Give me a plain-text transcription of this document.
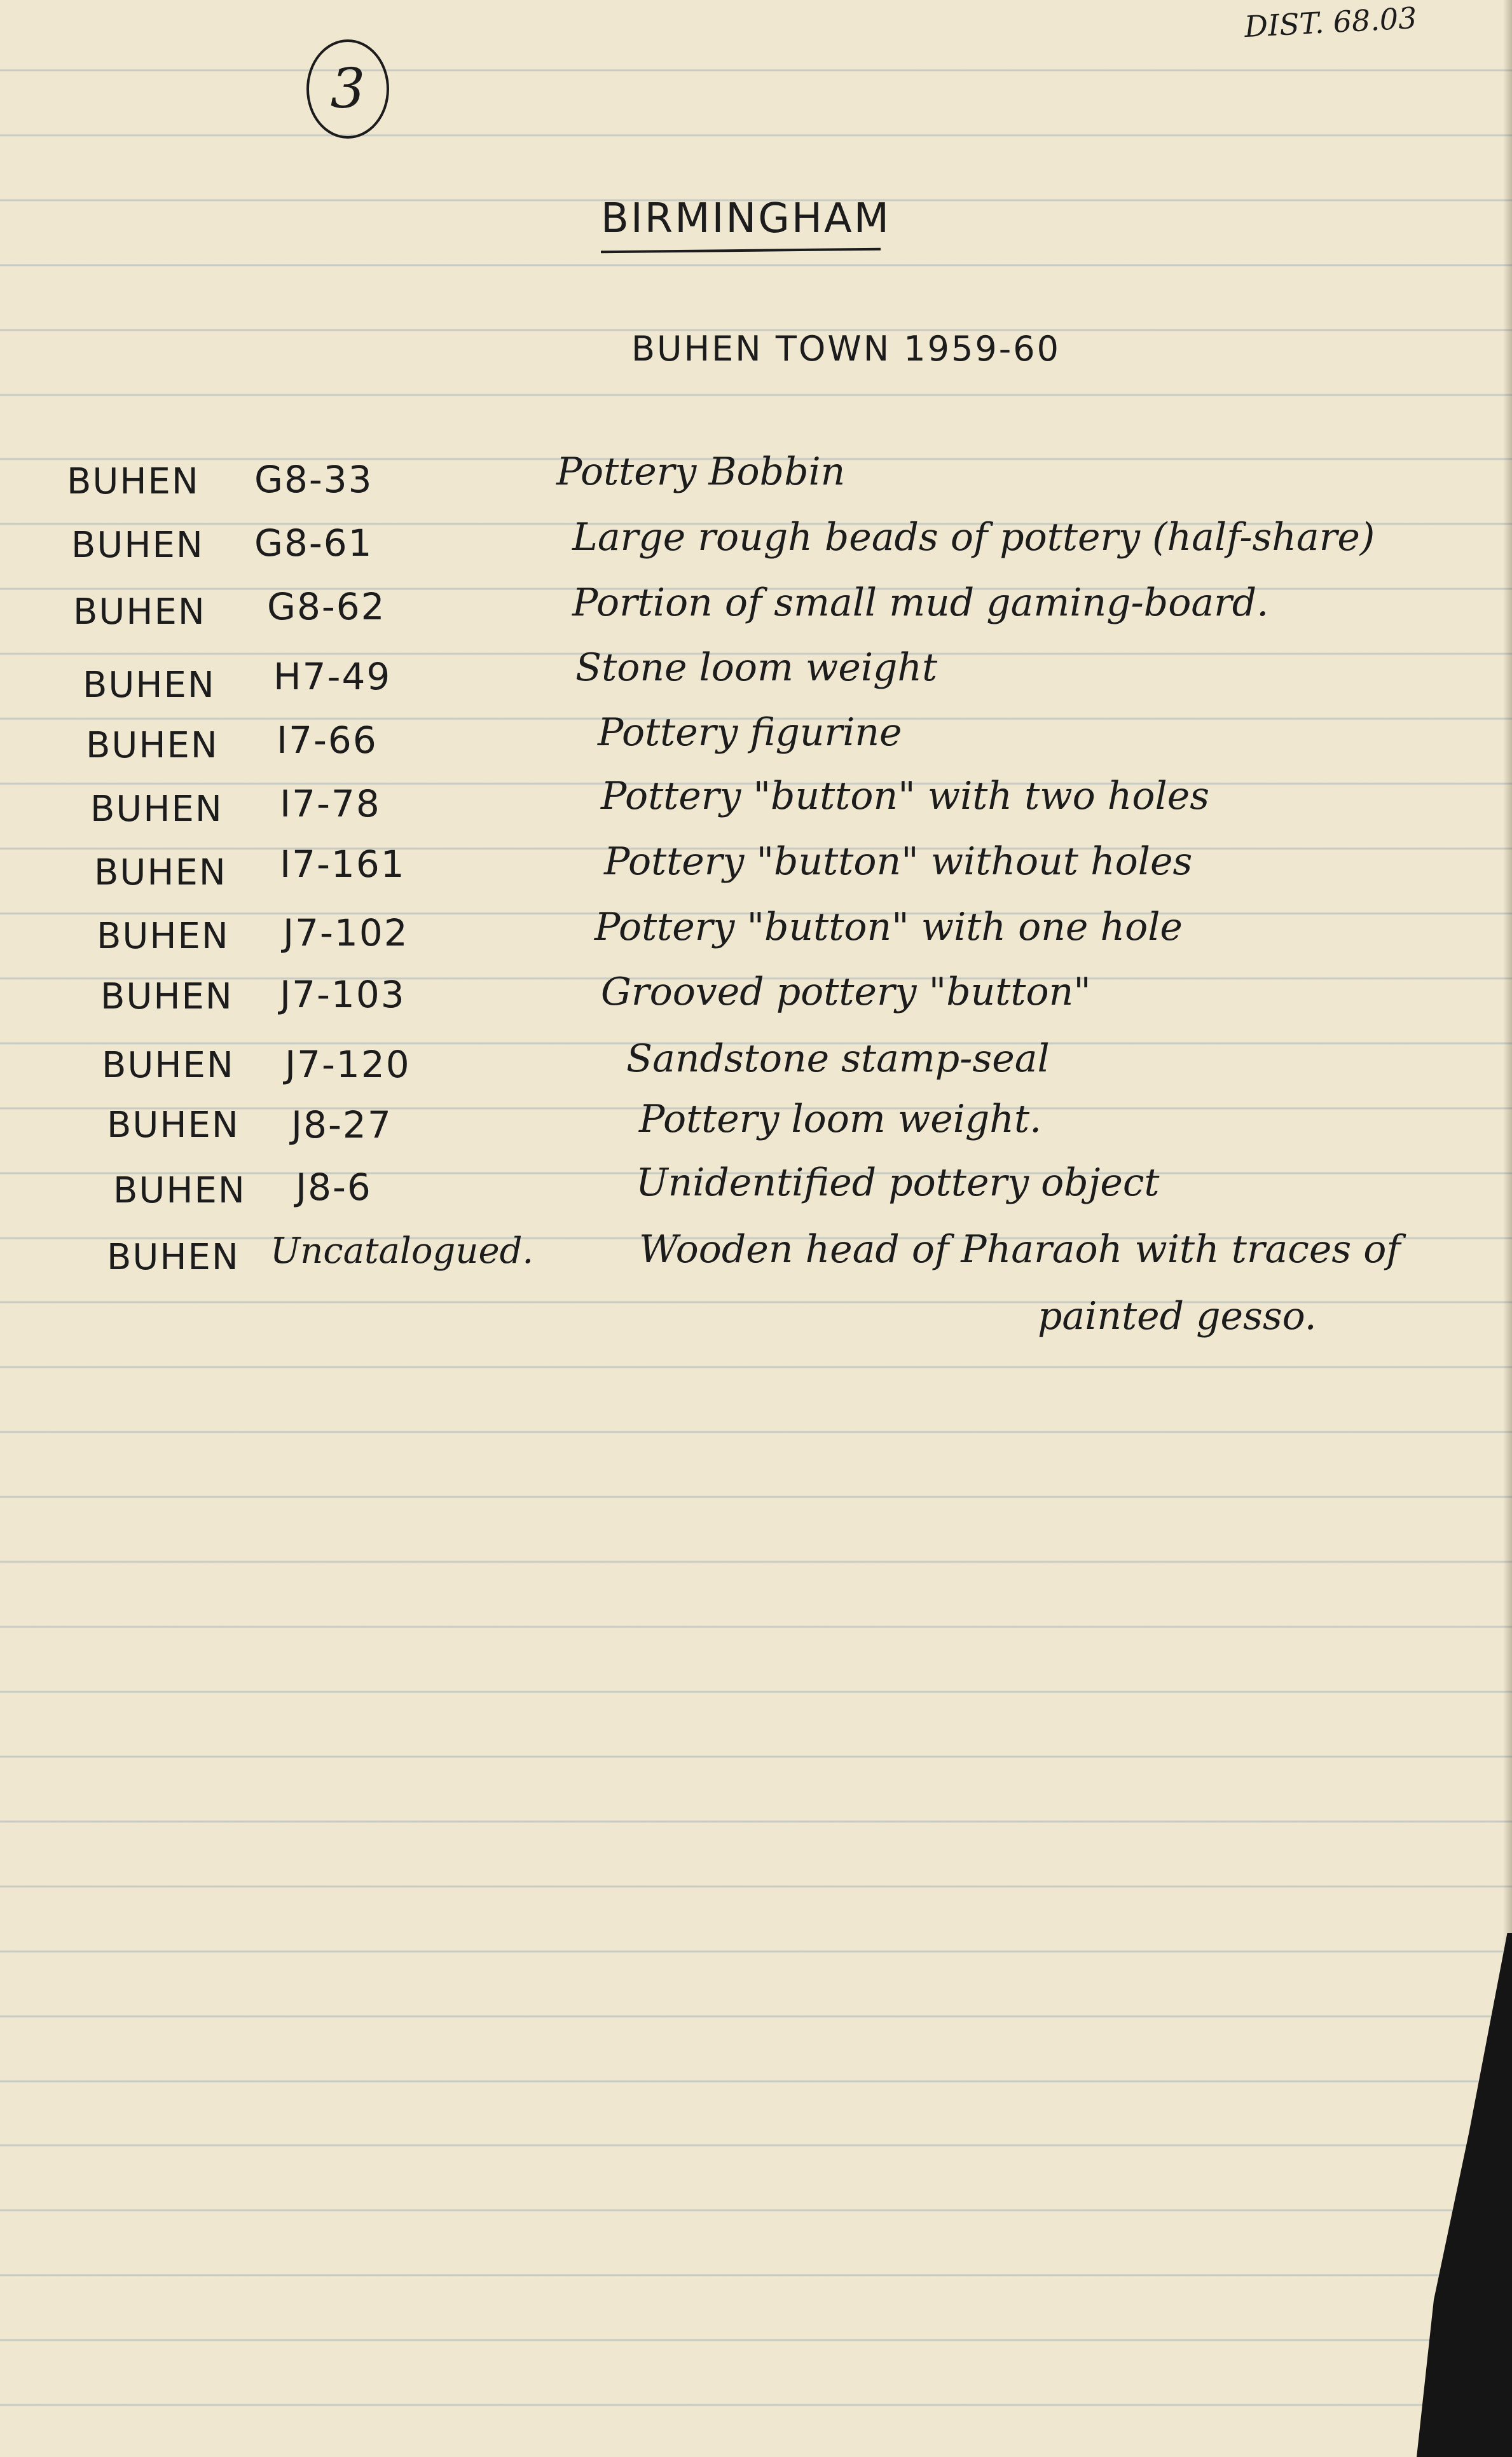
DIST. 68.03
3
BIRMINGHAM
BUHEN TOWN 1959-60
BUHEN G8-33	Pottery Bobbin
BUHEN G8-61	Large rough beads of pottery (half-share)
BUHEN G8-62	Portion of small mud gaming-board.
BUHEN H7-49	Stone loom weight
BUHEN I7-66	Pottery figurine
BUHEN I7-78	Pottery "button" with two holes
BUHEN I7-161	Pottery "button" without holes
BUHEN J7-102	Pottery "button" with one hole
BUHEN J7-103	Grooved pottery "button"
BUHEN J7-120	Sandstone stamp-seal
BUHEN J8-27	Pottery loom weight.
BUHEN J8-6	Unidentified pottery object
BUHEN Uncatalogued.	Wooden head of Pharaoh with traces of
painted gesso.
